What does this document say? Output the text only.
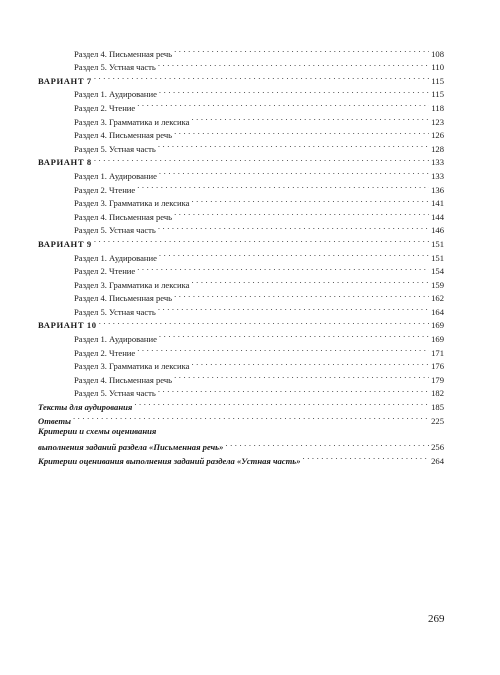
Раздел 4. Письменная речь . . .	108
Раздел 5. Устная часть . . .	110
ВАРИАНТ 7 . . .	115
Раздел 1. Аудирование . . .	115
Раздел 2. Чтение . . .	118
Раздел 3. Грамматика и лексика . . .	123
Раздел 4. Письменная речь . . .	126
Раздел 5. Устная часть . . .	128
ВАРИАНТ 8 . . .	133
Раздел 1. Аудирование . . .	133
Раздел 2. Чтение . . .	136
Раздел 3. Грамматика и лексика . . .	141
Раздел 4. Письменная речь . . .	144
Раздел 5. Устная часть . . .	146
ВАРИАНТ 9 . . .	151
Раздел 1. Аудирование . . .	151
Раздел 2. Чтение . . .	154
Раздел 3. Грамматика и лексика . . .	159
Раздел 4. Письменная речь . . .	162
Раздел 5. Устная часть . . .	164
ВАРИАНТ 10 . . .	169
Раздел 1. Аудирование . . .	169
Раздел 2. Чтение . . .	171
Раздел 3. Грамматика и лексика . . .	176
Раздел 4. Письменная речь . . .	179
Раздел 5. Устная часть . . .	182
Тексты для аудирования . . .	185
Ответы . . .	225
Критерии и схемы оценивания
выполнения заданий раздела «Письменная речь» . . .	256
Критерии оценивания выполнения заданий раздела «Устная часть» . . .	264
269
